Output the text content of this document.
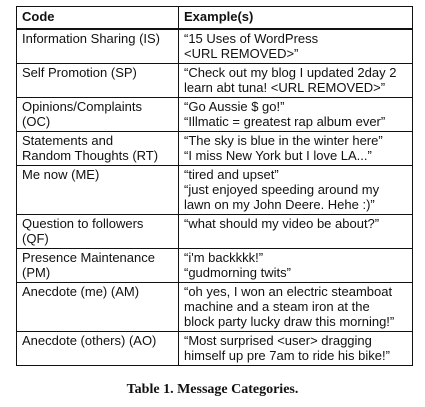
Code	Example(s)

Information Sharing (IS)	“15 Uses of WordPress
<URL REMOVED>”

Self Promotion (SP)	“Check out my blog I updated 2day 2
learn abt tuna! <URL REMOVED>”

Opinions/Complaints
(OC)	“Go Aussie $ go!”
“Illmatic = greatest rap album ever”

Statements and
Random Thoughts (RT)	“The sky is blue in the winter here”
“I miss New York but I love LA...”

Me now (ME)	“tired and upset”
“just enjoyed speeding around my
lawn on my John Deere. Hehe :)”

Question to followers
(QF)	“what should my video be about?”

Presence Maintenance
(PM)	“i'm backkkk!”
“gudmorning twits”

Anecdote (me) (AM)	“oh yes, I won an electric steamboat
machine and a steam iron at the
block party lucky draw this morning!”

Anecdote (others) (AO)	“Most surprised <user> dragging
himself up pre 7am to ride his bike!”
Table 1. Message Categories.
